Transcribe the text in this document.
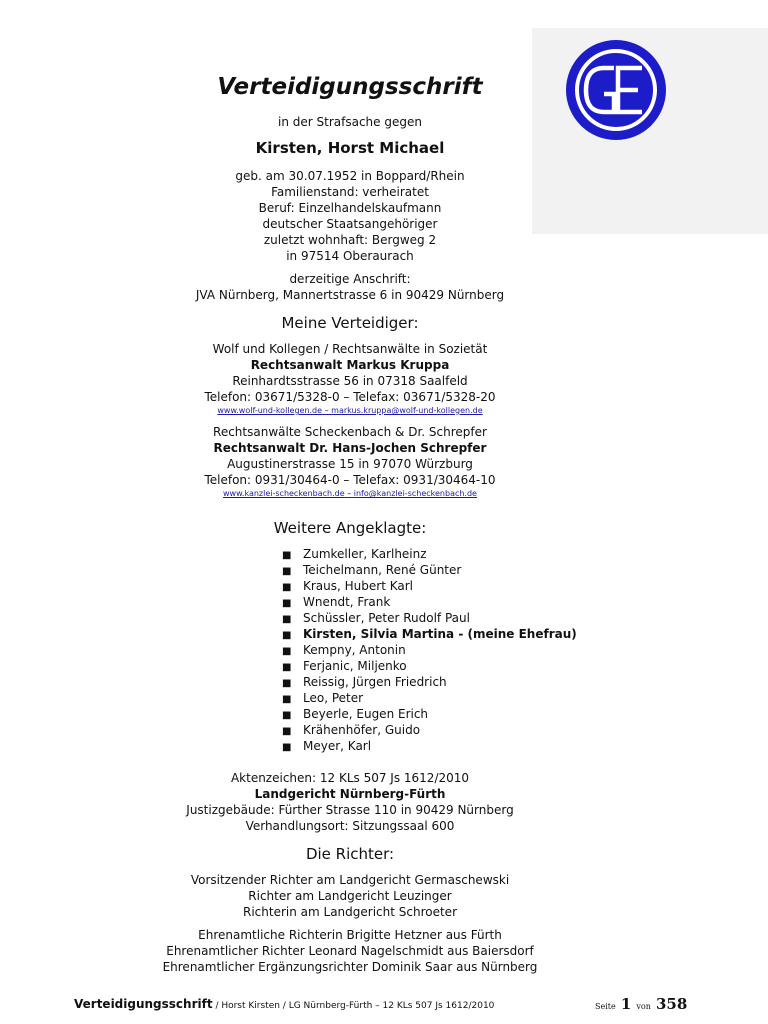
GE
Verteidigungsschrift
in der Strafsache gegen
Kirsten, Horst Michael
geb. am 30.07.1952 in Boppard/Rhein
Familienstand: verheiratet
Beruf: Einzelhandelskaufmann
deutscher Staatsangehöriger
zuletzt wohnhaft: Bergweg 2
in 97514 Oberaurach
derzeitige Anschrift:
JVA Nürnberg, Mannertstrasse 6 in 90429 Nürnberg
Meine Verteidiger:
Wolf und Kollegen / Rechtsanwälte in Sozietät
Rechtsanwalt Markus Kruppa
Reinhardtsstrasse 56 in 07318 Saalfeld
Telefon: 03671/5328-0 – Telefax: 03671/5328-20
www.wolf-und-kollegen.de – markus.kruppa@wolf-und-kollegen.de
Rechtsanwälte Scheckenbach & Dr. Schrepfer
Rechtsanwalt Dr. Hans-Jochen Schrepfer
Augustinerstrasse 15 in 97070 Würzburg
Telefon: 0931/30464-0 – Telefax: 0931/30464-10
www.kanzlei-scheckenbach.de – info@kanzlei-scheckenbach.de
Weitere Angeklagte:
■ Zumkeller, Karlheinz
■ Teichelmann, René Günter
■ Kraus, Hubert Karl
■ Wnendt, Frank
■ Schüssler, Peter Rudolf Paul
■ Kirsten, Silvia Martina - (meine Ehefrau)
■ Kempny, Antonin
■ Ferjanic, Miljenko
■ Reissig, Jürgen Friedrich
■ Leo, Peter
■ Beyerle, Eugen Erich
■ Krähenhöfer, Guido
■ Meyer, Karl
Aktenzeichen: 12 KLs 507 Js 1612/2010
Landgericht Nürnberg-Fürth
Justizgebäude: Fürther Strasse 110 in 90429 Nürnberg
Verhandlungsort: Sitzungssaal 600
Die Richter:
Vorsitzender Richter am Landgericht Germaschewski
Richter am Landgericht Leuzinger
Richterin am Landgericht Schroeter
Ehrenamtliche Richterin Brigitte Hetzner aus Fürth
Ehrenamtlicher Richter Leonard Nagelschmidt aus Baiersdorf
Ehrenamtlicher Ergänzungsrichter Dominik Saar aus Nürnberg
Verteidigungsschrift / Horst Kirsten / LG Nürnberg-Fürth – 12 KLs 507 Js 1612/2010	Seite 1 von 358
